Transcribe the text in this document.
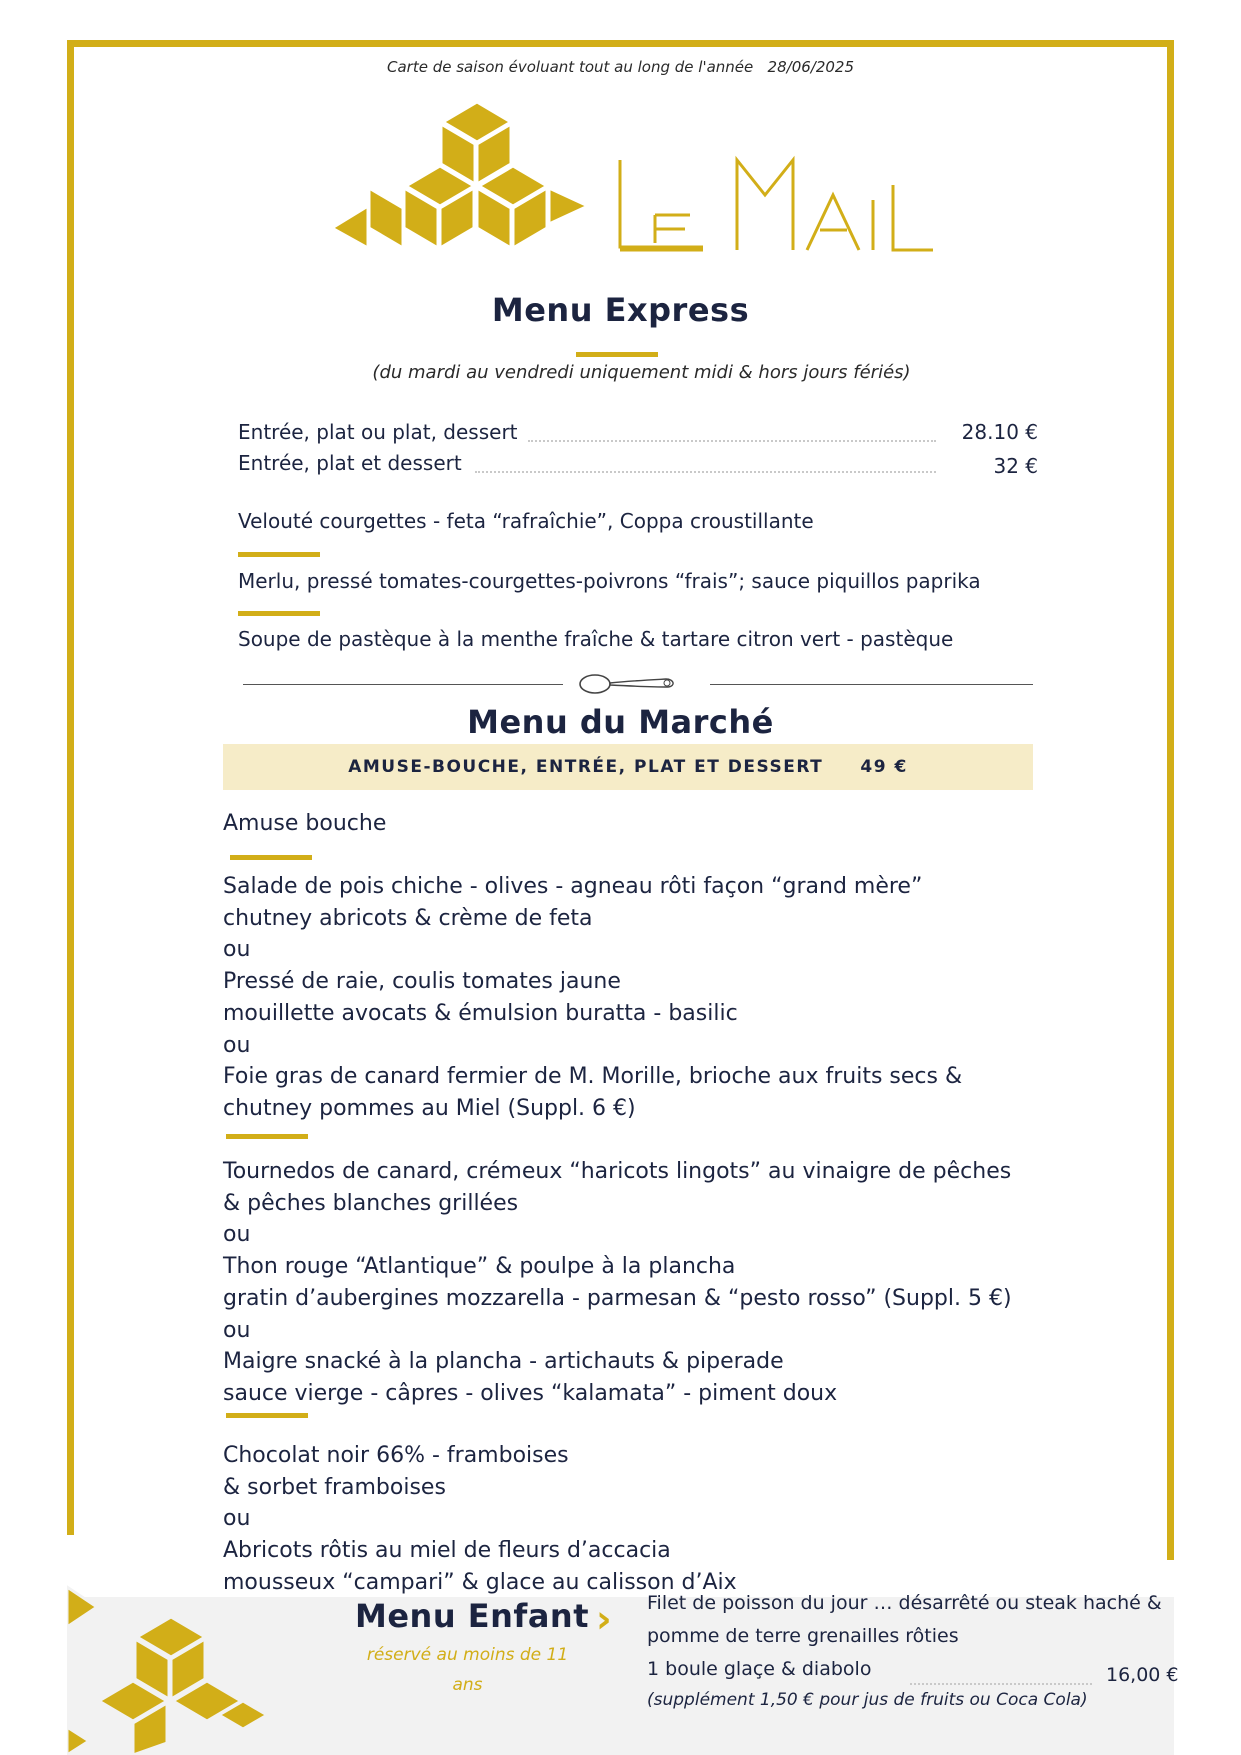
Carte de saison évoluant tout au long de l'année   28/06/2025
Menu Express
(du mardi au vendredi uniquement midi & hors jours fériés)
Entrée, plat ou plat, dessert	28.10 €
Entrée, plat et dessert	32 €
Velouté courgettes - feta “rafraîchie”, Coppa croustillante
Merlu, pressé tomates-courgettes-poivrons “frais”; sauce piquillos paprika
Soupe de pastèque à la menthe fraîche & tartare citron vert - pastèque
Menu du Marché
AMUSE-BOUCHE, ENTRÉE, PLAT ET DESSERT     49 €
Amuse bouche
Salade de pois chiche - olives - agneau rôti façon “grand mère”
chutney abricots & crème de feta
ou
Pressé de raie, coulis tomates jaune
mouillette avocats & émulsion buratta - basilic
ou
Foie gras de canard fermier de M. Morille, brioche aux fruits secs &
chutney pommes au Miel (Suppl. 6 €)
Tournedos de canard, crémeux “haricots lingots” au vinaigre de pêches
& pêches blanches grillées
ou
Thon rouge “Atlantique” & poulpe à la plancha
gratin d’aubergines mozzarella - parmesan & “pesto rosso” (Suppl. 5 €)
ou
Maigre snacké à la plancha - artichauts & piperade
sauce vierge - câpres - olives “kalamata” - piment doux
Chocolat noir 66% - framboises
& sorbet framboises
ou
Abricots rôtis au miel de fleurs d’accacia
mousseux “campari” & glace au calisson d’Aix
Menu Enfant ›
réservé au moins de 11 ans
Filet de poisson du jour … désarrêté ou steak haché &
pomme de terre grenailles rôties
1 boule glaçe & diabolo	16,00 €
(supplément 1,50 € pour jus de fruits ou Coca Cola)
